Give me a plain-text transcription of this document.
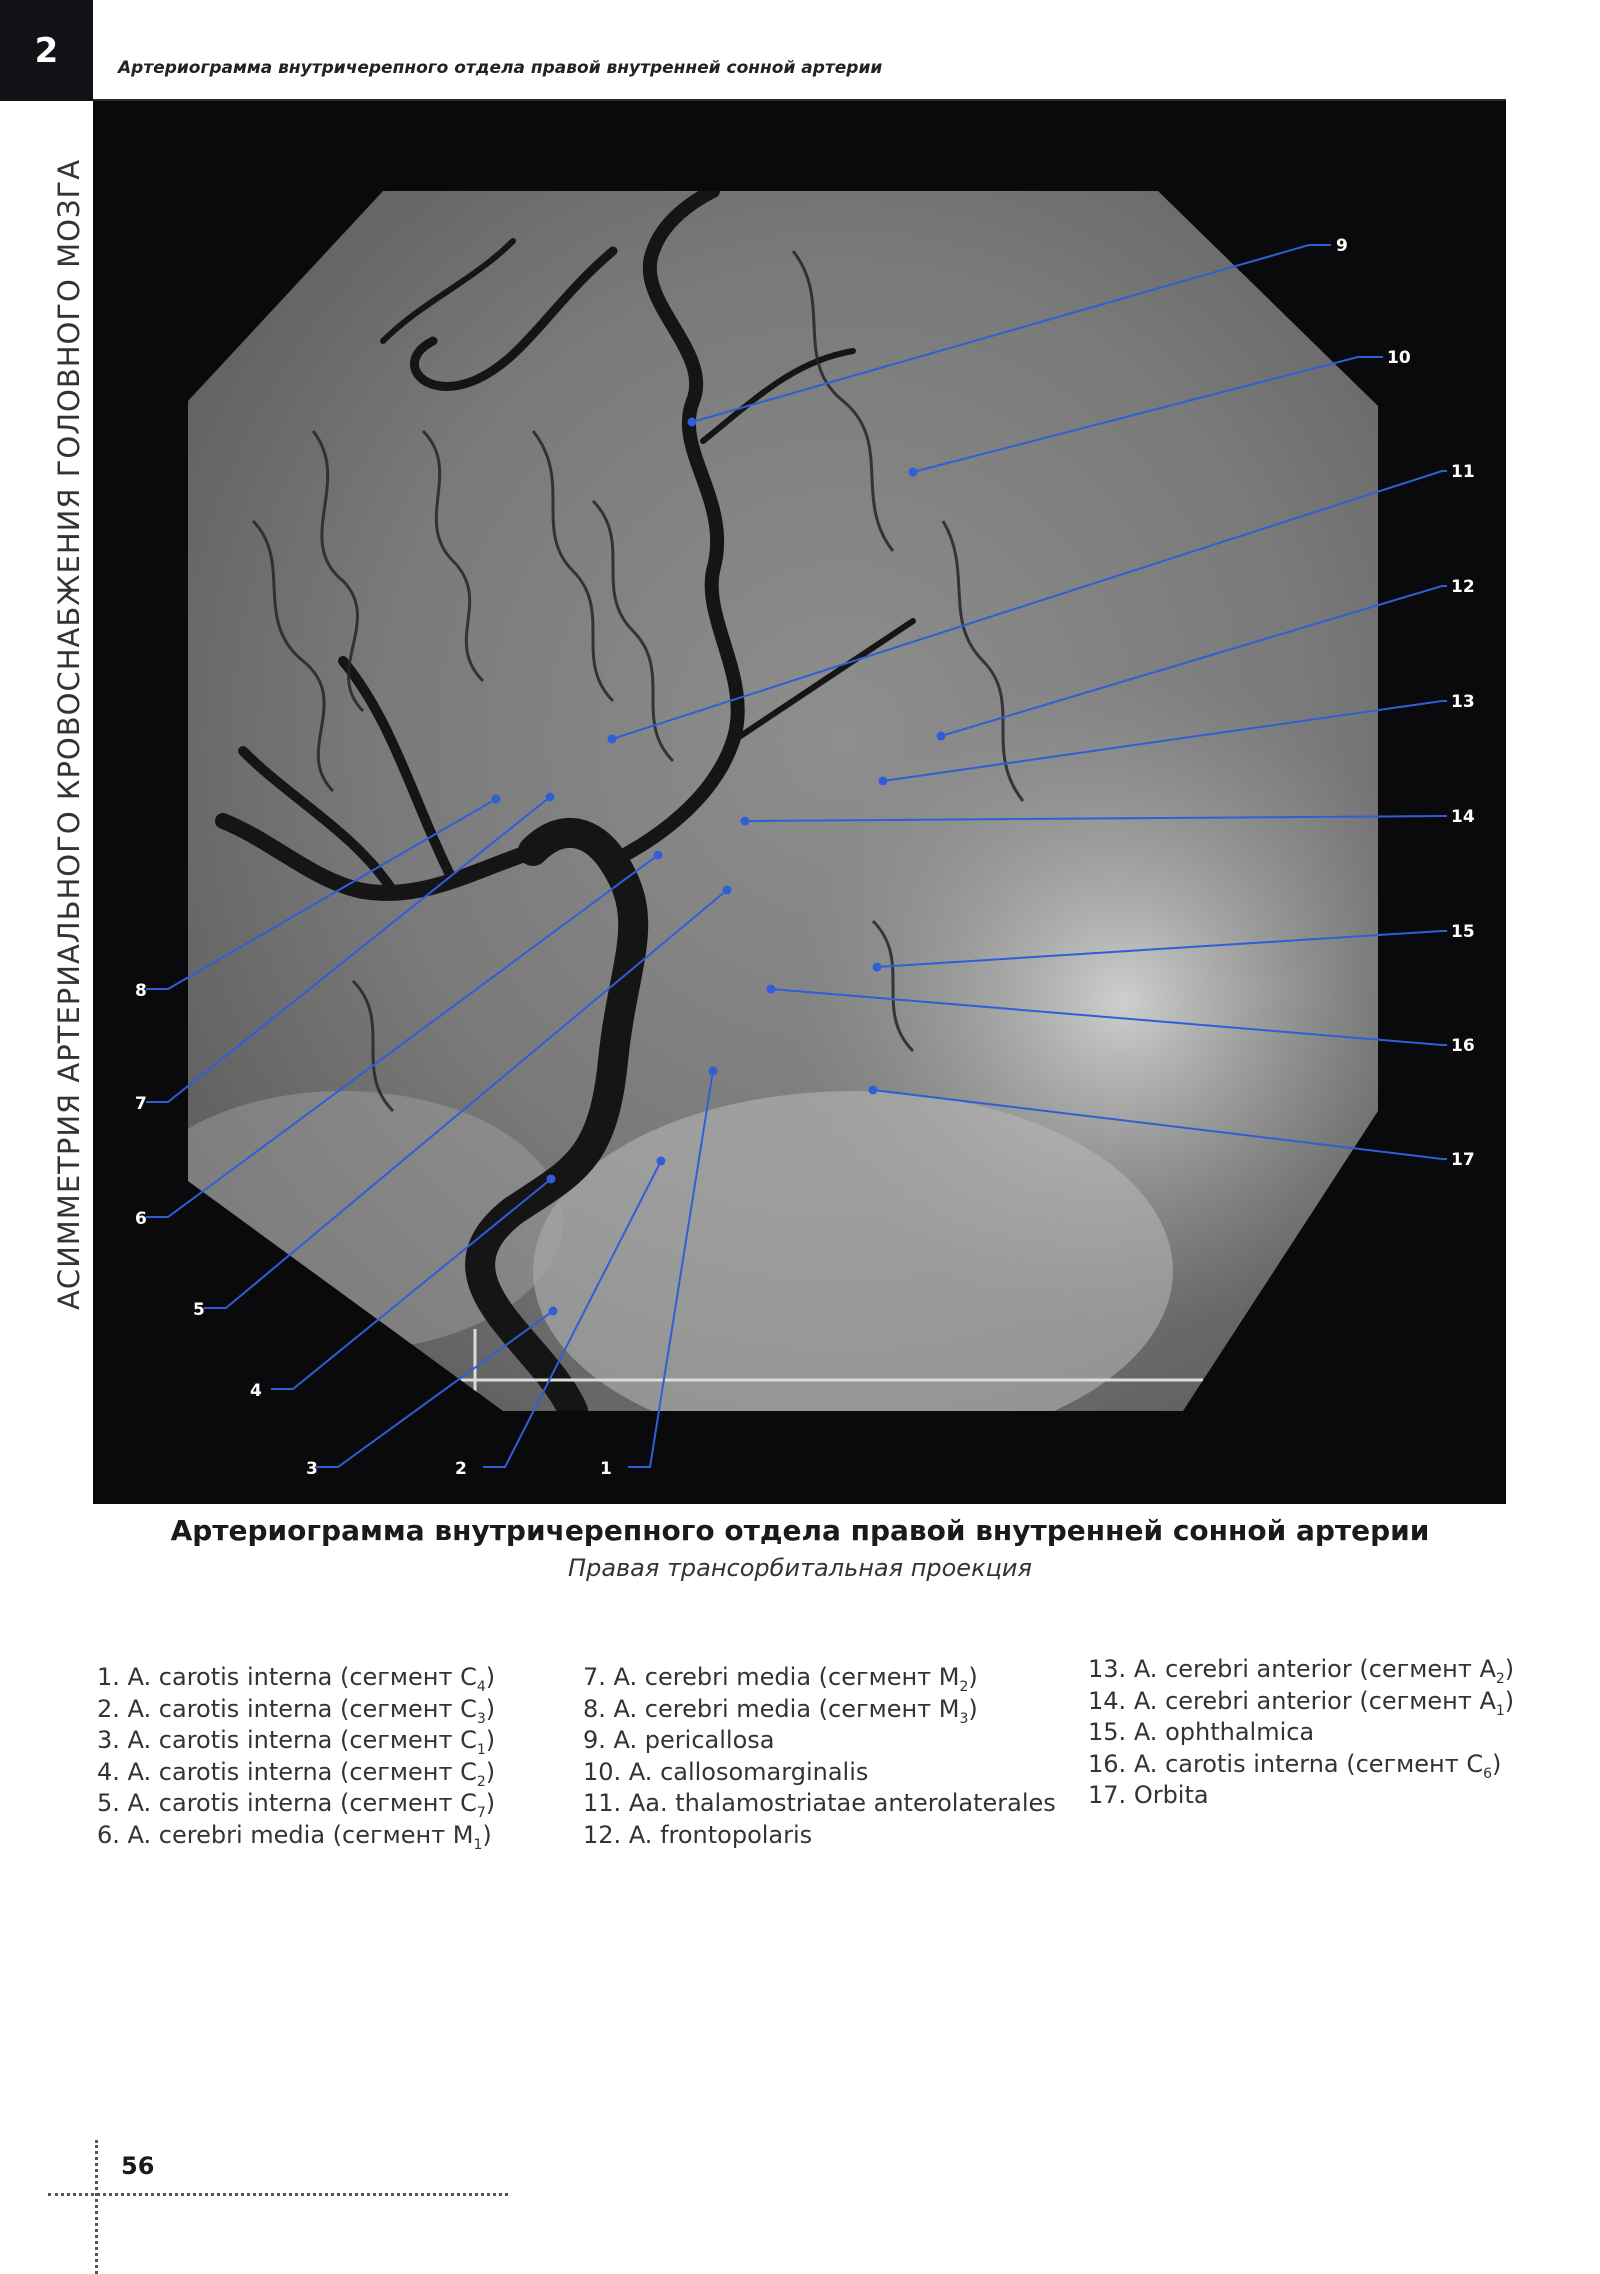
2	Артериограмма внутричерепного отдела правой внутренней сонной артерии
АСИММЕТРИЯ АРТЕРИАЛЬНОГО КРОВОСНАБЖЕНИЯ ГОЛОВНОГО МОЗГА
1
2
3
4
5
6
7
8
9
10
11
12
13
14
15
16
17
Артериограмма внутричерепного отдела правой внутренней сонной артерии
Правая трансорбитальная проекция
1. A. carotis interna (сегмент $C_4$)
2. A. carotis interna (сегмент $C_3$)
3. A. carotis interna (сегмент $C_1$)
4. A. carotis interna (сегмент $C_2$)
5. A. carotis interna (сегмент $C_7$)
6. A. cerebri media (сегмент $M_1$)
7. A. cerebri media (сегмент $M_2$)
8. A. cerebri media (сегмент $M_3$)
9. A. pericallosa
10. A. callosomarginalis
11. Aa. thalamostriatae anterolaterales
12. A. frontopolaris
13. A. cerebri anterior (сегмент $A_2$)
14. A. cerebri anterior (сегмент $A_1$)
15. A. ophthalmica
16. A. carotis interna (сегмент $C_6$)
17. Orbita
56
